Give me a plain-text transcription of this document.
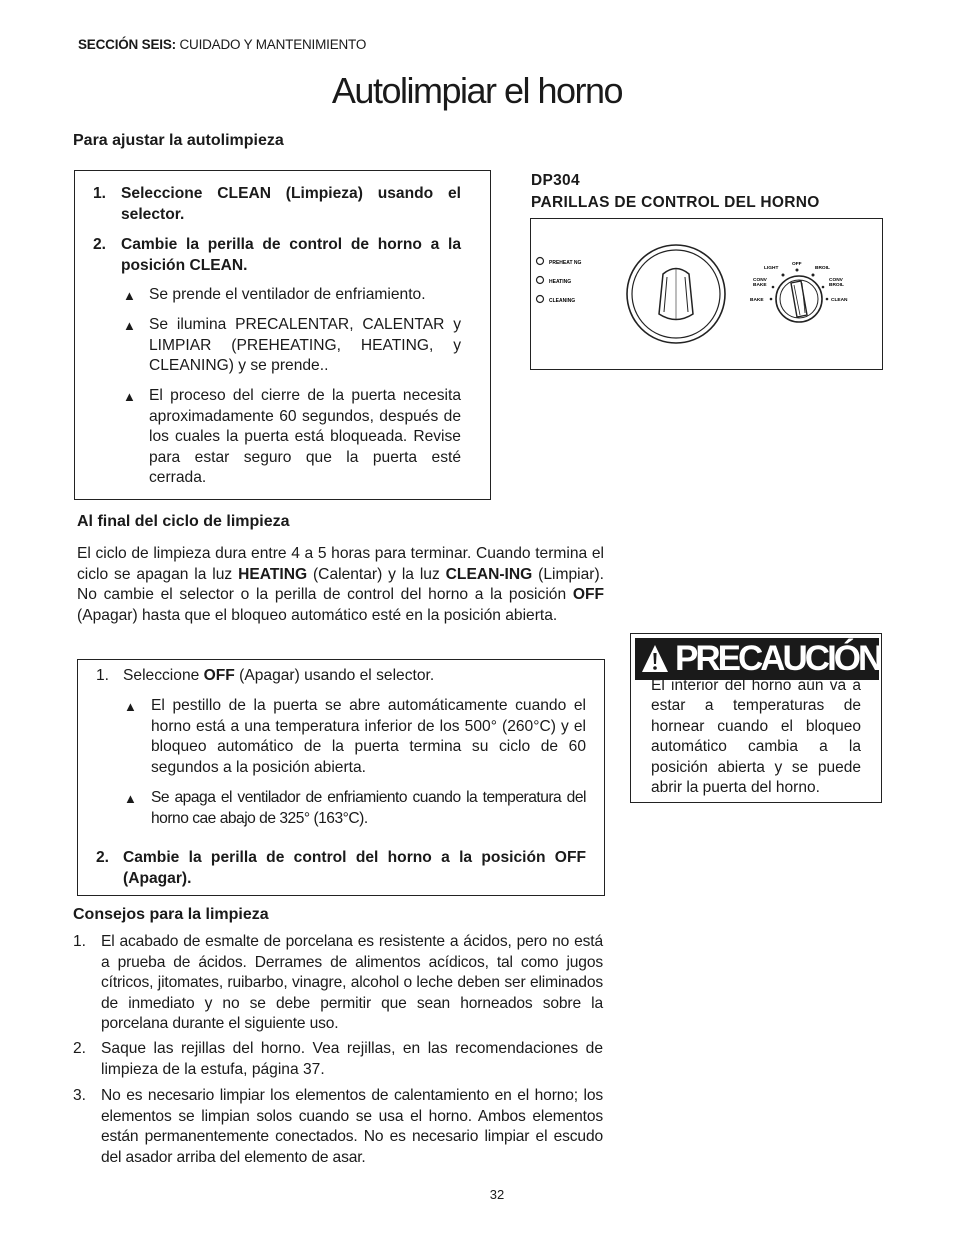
SECCIÓN SEIS: CUIDADO Y MANTENIMIENTO
Autolimpiar el horno
Para ajustar la autolimpieza
1. Seleccione CLEAN (Limpieza) usando el selector.
2. Cambie la perilla de control de horno a la posición CLEAN.
▲ Se prende el ventilador de enfriamiento.
▲ Se ilumina PRECALENTAR, CALENTAR y LIMPIAR (PREHEATING, HEATING, y CLEANING) y se prende..
▲ El proceso del cierre de la puerta necesita aproximadamente 60 segundos, después de los cuales la puerta está bloqueada. Revise para estar seguro que la puerta esté cerrada.
DP304
PARILLAS DE CONTROL DEL HORNO
PREHEAT NG
HEATING
CLEANING
OFF
LIGHT	BROIL
CONV
BAKE
CONV
BROIL
BAKE	CLEAN
Al final del ciclo de limpieza
El ciclo de limpieza dura entre 4 a 5 horas para terminar. Cuando termina el ciclo se apagan la luz HEATING (Calentar) y la luz CLEAN-ING (Limpiar). No cambie el selector o la perilla de control del horno a la posición OFF (Apagar) hasta que el bloqueo automático esté en la posición abierta.
1. Seleccione OFF (Apagar) usando el selector.
▲ El pestillo de la puerta se abre automáticamente cuando el horno está a una temperatura inferior de los 500° (260°C) y el bloqueo automático de la puerta termina su ciclo de 60 segundos a la posición abierta.
▲ Se apaga el ventilador de enfriamiento cuando la temperatura del horno cae abajo de 325° (163°C).
2. Cambie la perilla de control del horno a la posición OFF (Apagar).
PRECAUCIÓN
El interior del horno aún va a estar a temperaturas de hornear cuando el bloqueo automático cambia a la posición abierta y se puede abrir la puerta del horno.
Consejos para la limpieza
1. El acabado de esmalte de porcelana es resistente a ácidos, pero no está a prueba de ácidos. Derrames de alimentos acídicos, tal como jugos cítricos, jitomates, ruibarbo, vinagre, alcohol o leche deben ser eliminados de inmediato y no se debe permitir que sean horneados sobre la porcelana durante el siguiente uso.
2. Saque las rejillas del horno. Vea rejillas, en las recomendaciones de limpieza de la estufa, página 37.
3. No es necesario limpiar los elementos de calentamiento en el horno; los elementos se limpian solos cuando se usa el horno. Ambos elementos están permanentemente conectados. No es necesario limpiar el escudo del asador arriba del elemento de asar.
32
